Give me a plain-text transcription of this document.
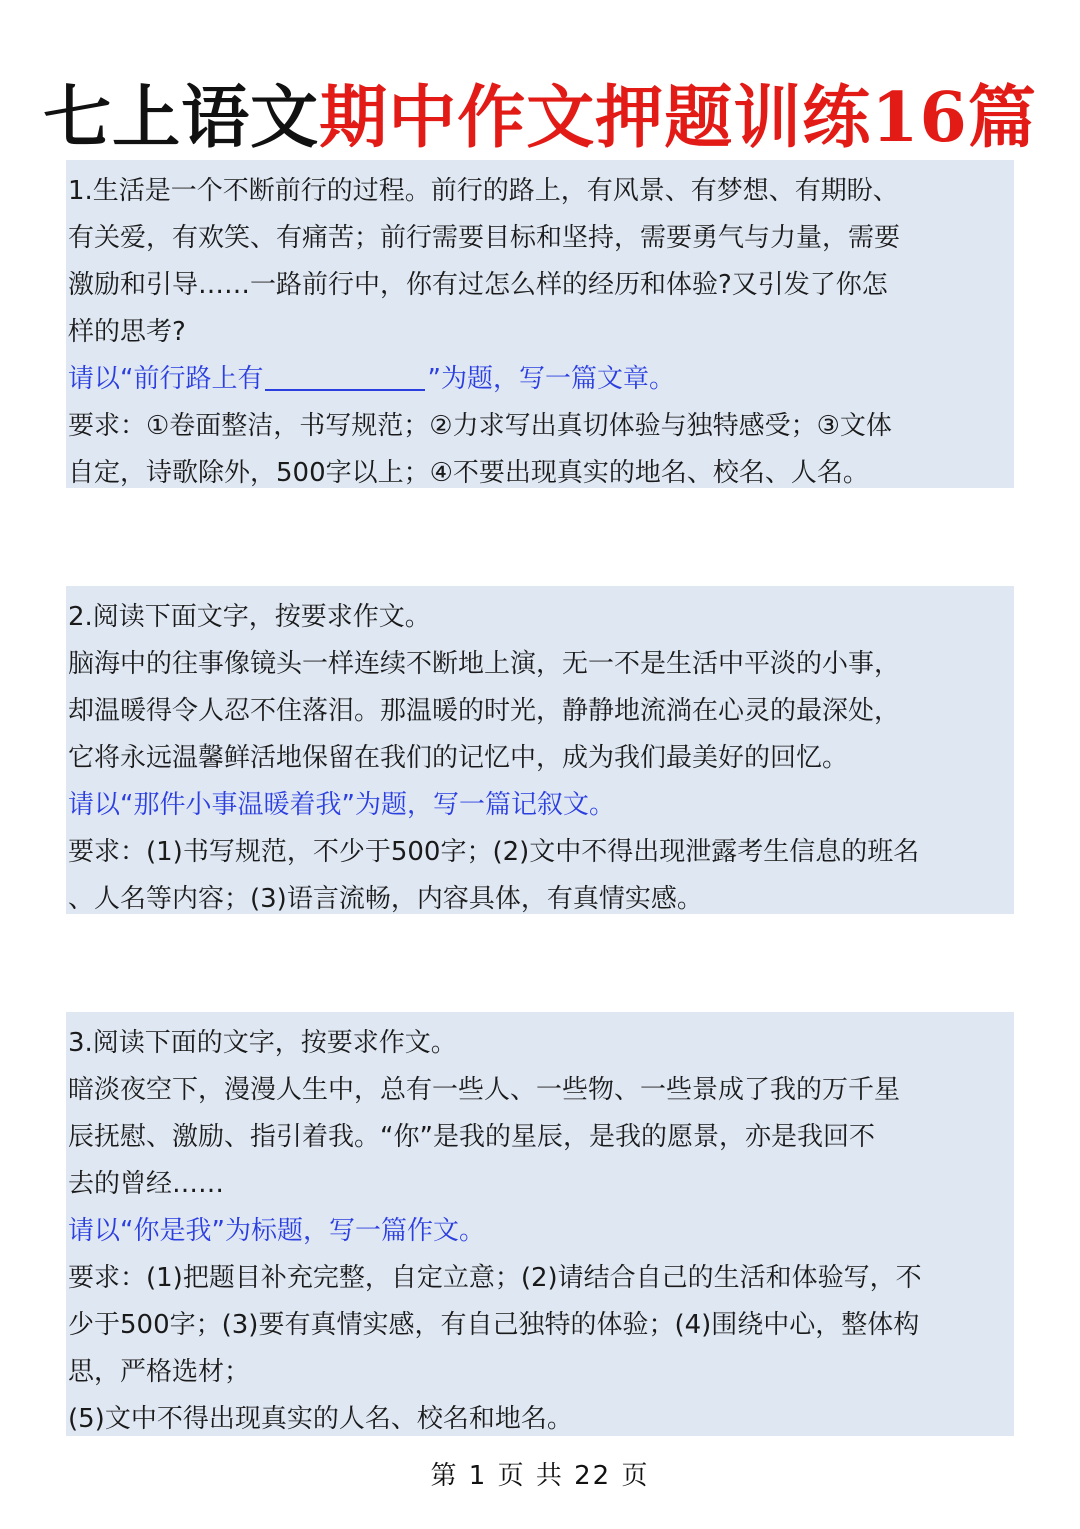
七上语文期中作文押题训练16篇

1.生活是一个不断前行的过程。前行的路上，有风景、有梦想、有期盼、

有关爱，有欢笑、有痛苦；前行需要目标和坚持，需要勇气与力量，需要

激励和引导……一路前行中，你有过怎么样的经历和体验?又引发了你怎

样的思考?

请以“前行路上有	”为题，写一篇文章。

要求：①卷面整洁，书写规范；②力求写出真切体验与独特感受；③文体

自定，诗歌除外，500字以上；④不要出现真实的地名、校名、人名。

2.阅读下面文字，按要求作文。

脑海中的往事像镜头一样连续不断地上演，无一不是生活中平淡的小事，

却温暖得令人忍不住落泪。那温暖的时光，静静地流淌在心灵的最深处，

它将永远温馨鲜活地保留在我们的记忆中，成为我们最美好的回忆。

请以“那件小事温暖着我”为题，写一篇记叙文。

要求：(1)书写规范，不少于500字；(2)文中不得出现泄露考生信息的班名

、人名等内容；(3)语言流畅，内容具体，有真情实感。

3.阅读下面的文字，按要求作文。

暗淡夜空下，漫漫人生中，总有一些人、一些物、一些景成了我的万千星

辰抚慰、激励、指引着我。“你”是我的星辰，是我的愿景，亦是我回不

去的曾经……

请以“你是我”为标题，写一篇作文。

要求：(1)把题目补充完整，自定立意；(2)请结合自己的生活和体验写，不

少于500字；(3)要有真情实感，有自己独特的体验；(4)围绕中心，整体构

思，严格选材；

(5)文中不得出现真实的人名、校名和地名。

第 1 页 共 22 页
